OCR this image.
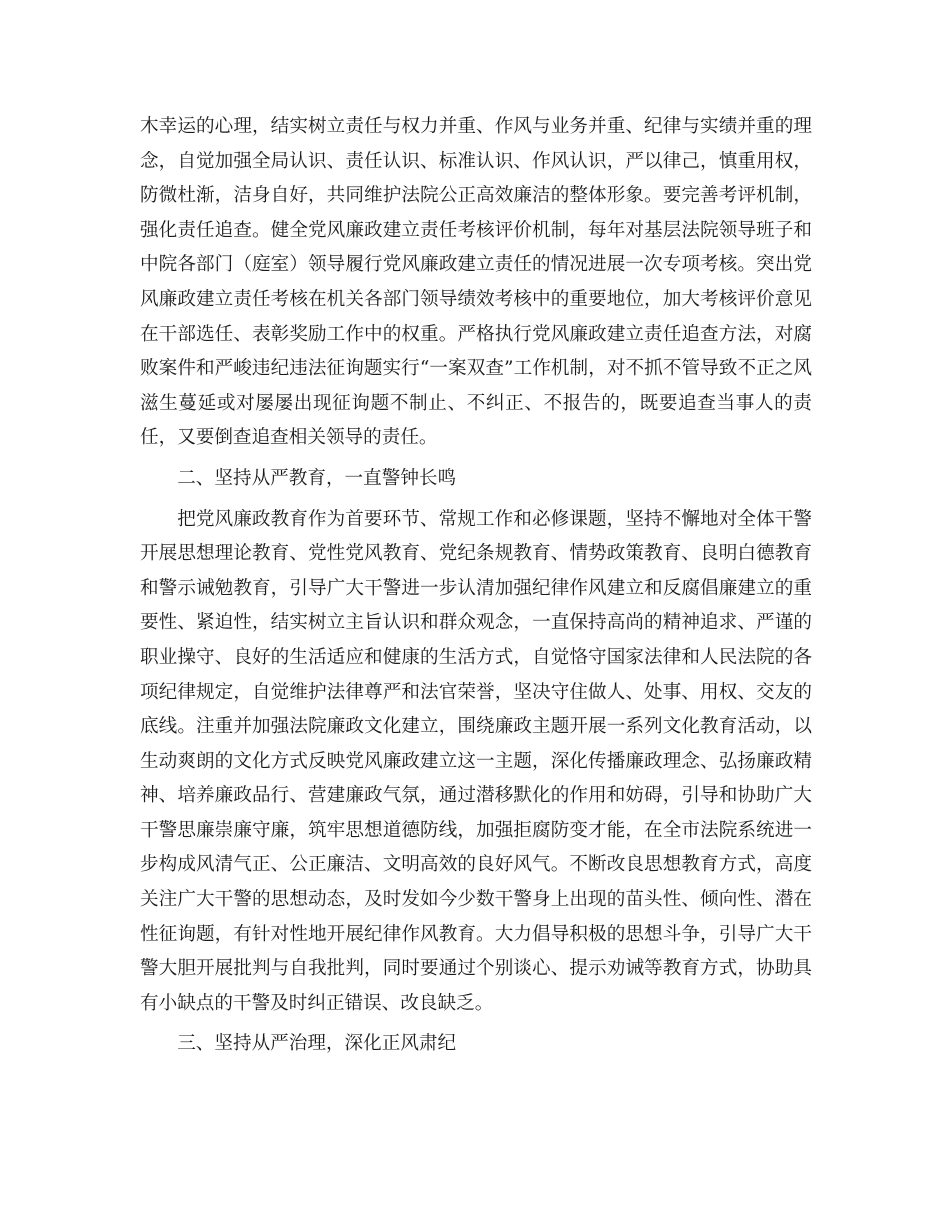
木幸运的心理，结实树立责任与权力并重、作风与业务并重、纪律与实绩并重的理念，自觉加强全局认识、责任认识、标准认识、作风认识，严以律己，慎重用权，防微杜渐，洁身自好，共同维护法院公正高效廉洁的整体形象。要完善考评机制，强化责任追查。健全党风廉政建立责任考核评价机制，每年对基层法院领导班子和中院各部门（庭室）领导履行党风廉政建立责任的情况进展一次专项考核。突出党风廉政建立责任考核在机关各部门领导绩效考核中的重要地位，加大考核评价意见在干部选任、表彰奖励工作中的权重。严格执行党风廉政建立责任追查方法，对腐败案件和严峻违纪违法征询题实行“一案双查”工作机制，对不抓不管导致不正之风滋生蔓延或对屡屡出现征询题不制止、不纠正、不报告的，既要追查当事人的责任，又要倒查追查相关领导的责任。

二、坚持从严教育，一直警钟长鸣

把党风廉政教育作为首要环节、常规工作和必修课题，坚持不懈地对全体干警开展思想理论教育、党性党风教育、党纪条规教育、情势政策教育、良明白德教育和警示诫勉教育，引导广大干警进一步认清加强纪律作风建立和反腐倡廉建立的重要性、紧迫性，结实树立主旨认识和群众观念，一直保持高尚的精神追求、严谨的职业操守、良好的生活适应和健康的生活方式，自觉恪守国家法律和人民法院的各项纪律规定，自觉维护法律尊严和法官荣誉，坚决守住做人、处事、用权、交友的底线。注重并加强法院廉政文化建立，围绕廉政主题开展一系列文化教育活动，以生动爽朗的文化方式反映党风廉政建立这一主题，深化传播廉政理念、弘扬廉政精神、培养廉政品行、营建廉政气氛，通过潜移默化的作用和妨碍，引导和协助广大干警思廉崇廉守廉，筑牢思想道德防线，加强拒腐防变才能，在全市法院系统进一步构成风清气正、公正廉洁、文明高效的良好风气。不断改良思想教育方式，高度关注广大干警的思想动态，及时发如今少数干警身上出现的苗头性、倾向性、潜在性征询题，有针对性地开展纪律作风教育。大力倡导积极的思想斗争，引导广大干警大胆开展批判与自我批判，同时要通过个别谈心、提示劝诫等教育方式，协助具有小缺点的干警及时纠正错误、改良缺乏。

三、坚持从严治理，深化正风肃纪
